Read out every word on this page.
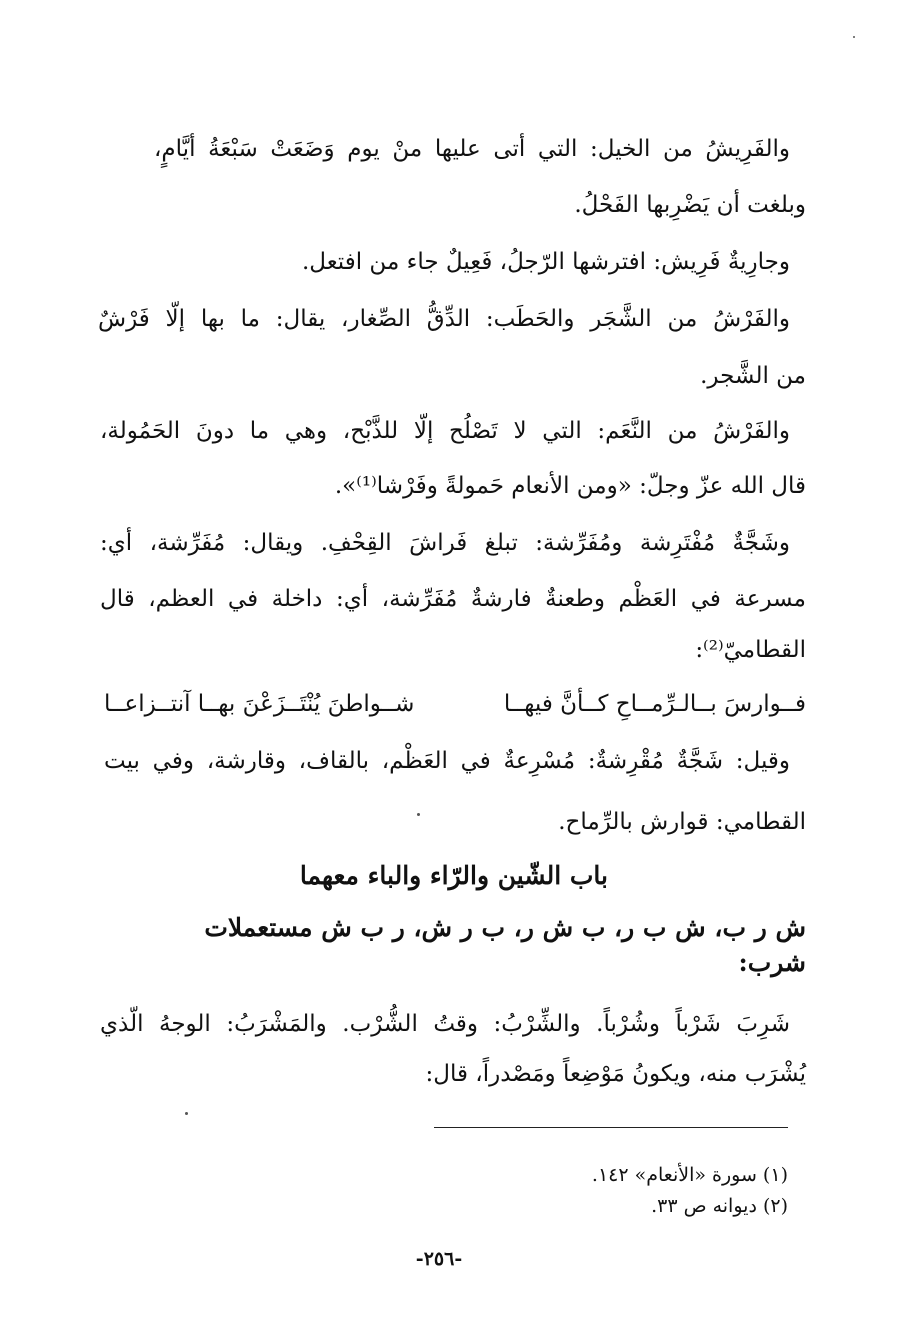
والفَرِيشُ من الخيل: التي أتى عليها منْ يوم وَضَعَتْ سَبْعَةُ أيَّامٍ،
وبلغت أن يَضْرِبها الفَحْلُ.
وجارِيةٌ فَرِيش: افترشها الرّجلُ، فَعِيلٌ جاء من افتعل.
والفَرْشُ من الشَّجَر والحَطَب: الدِّقُّ الصِّغار، يقال: ما بها إلّا فَرْشٌ
من الشَّجر.
والفَرْشُ من النَّعَم: التي لا تَصْلُح إلّا للذَّبْح، وهي ما دونَ الحَمُولة،
قال الله عزّ وجلّ: «ومن الأنعام حَمولةً وفَرْشا⁽¹⁾».
وشَجَّةٌ مُفْتَرِشة ومُفَرِّشة: تبلغ فَراشَ القِحْفِ. ويقال: مُفَرِّشة، أي:
مسرعة في العَظْم وطعنةٌ فارشةٌ مُفَرِّشة، أي: داخلة في العظم، قال
القطاميّ⁽²⁾:
فــوارسَ بــالـرِّمــاحِ كــأنَّ فيهــا
شــواطنَ يُنْتَــزَعْنَ بهــا آنتــزاعــا
وقيل: شَجَّةٌ مُقْرِشةٌ: مُسْرِعةٌ في العَظْم، بالقاف، وقارشة، وفي بيت
القطامي: قوارش بالرِّماح.
باب الشّين والرّاء والباء معهما
ش ر ب، ش ب ر، ب ش ر، ب ر ش، ر ب ش مستعملات
شرب:
شَرِبَ شَرْباً وشُرْباً. والشِّرْبُ: وقتُ الشُّرْب. والمَشْرَبُ: الوجهُ الّذي
يُشْرَب منه، ويكونُ مَوْضِعاً ومَصْدراً، قال:
(١) سورة «الأنعام» ١٤٢.
(٢) ديوانه ص ٣٣.
-٢٥٦-
